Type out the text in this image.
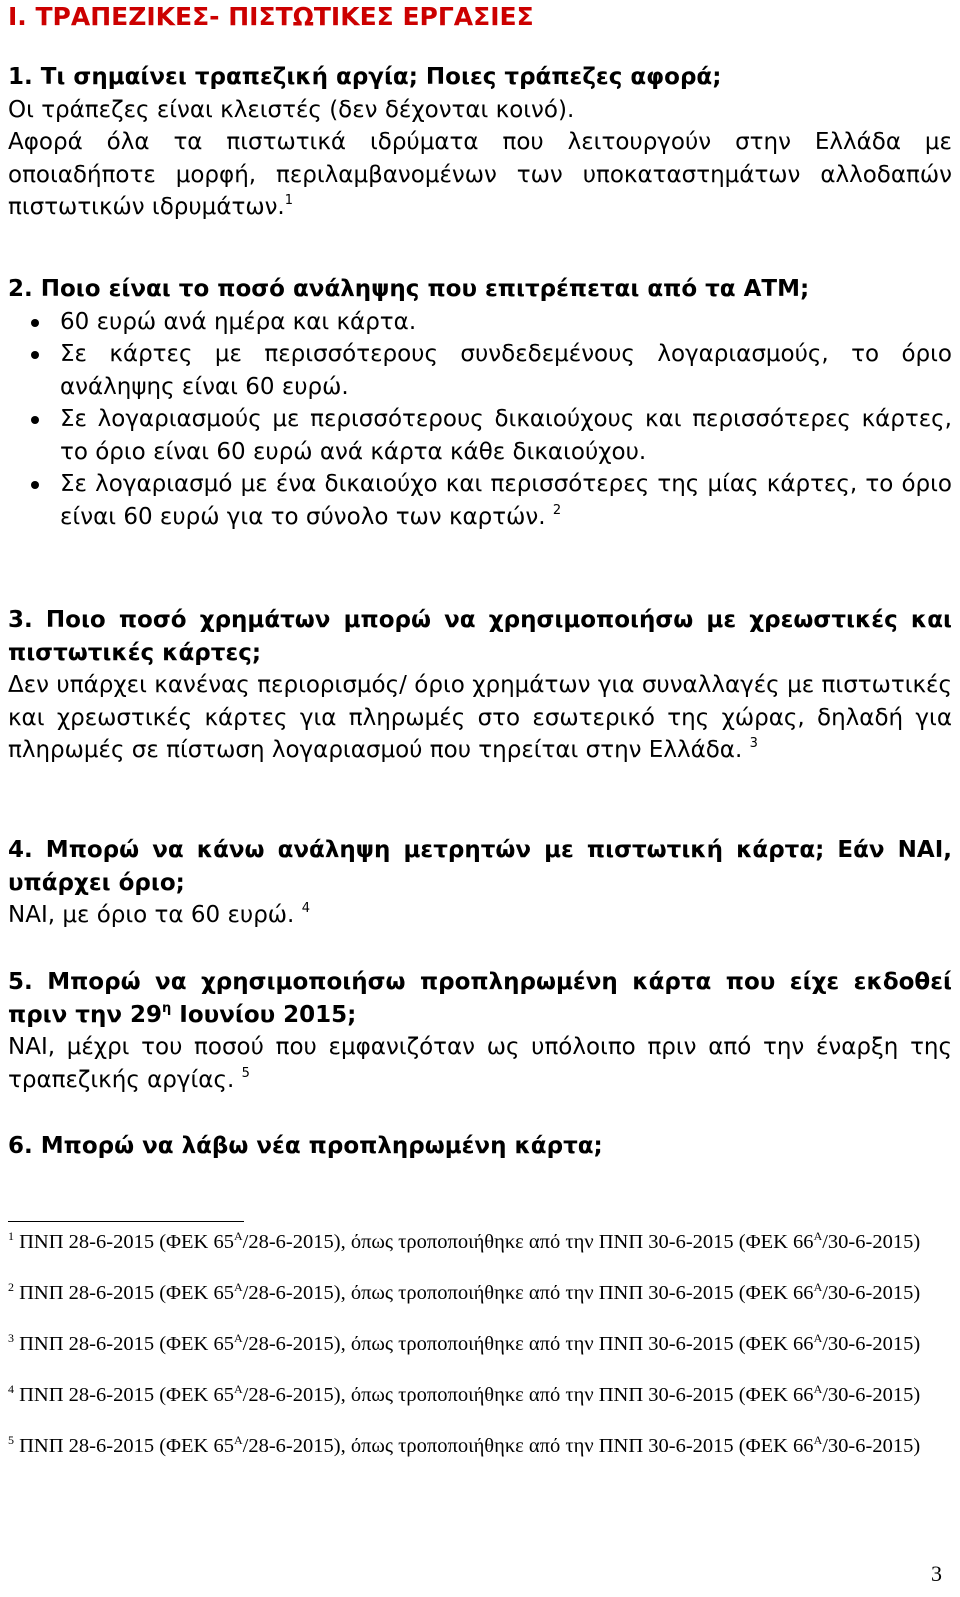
I. ΤΡΑΠΕΖΙΚΕΣ- ΠΙΣΤΩΤΙΚΕΣ ΕΡΓΑΣΙΕΣ
1. Τι σημαίνει τραπεζική αργία; Ποιες τράπεζες αφορά;
Οι τράπεζες είναι κλειστές (δεν δέχονται κοινό).
Αφορά όλα τα πιστωτικά ιδρύματα που λειτουργούν στην Ελλάδα με οποιαδήποτε μορφή, περιλαμβανομένων των υποκαταστημάτων αλλοδαπών πιστωτικών ιδρυμάτων.$^1$
2. Ποιο είναι το ποσό ανάληψης που επιτρέπεται από τα ΑΤΜ;
60 ευρώ ανά ημέρα και κάρτα.
Σε κάρτες με περισσότερους συνδεδεμένους λογαριασμούς, το όριο ανάληψης είναι 60 ευρώ.
Σε λογαριασμούς με περισσότερους δικαιούχους και περισσότερες κάρτες, το όριο είναι 60 ευρώ ανά κάρτα κάθε δικαιούχου.
Σε λογαριασμό με ένα δικαιούχο και περισσότερες της μίας κάρτες, το όριο είναι 60 ευρώ για το σύνολο των καρτών. $^2$
3. Ποιο ποσό χρημάτων μπορώ να χρησιμοποιήσω με χρεωστικές και πιστωτικές κάρτες;
Δεν υπάρχει κανένας περιορισμός/ όριο χρημάτων για συναλλαγές με πιστωτικές και χρεωστικές κάρτες για πληρωμές στο εσωτερικό της χώρας, δηλαδή για πληρωμές σε πίστωση λογαριασμού που τηρείται στην Ελλάδα. $^3$
4. Μπορώ να κάνω ανάληψη μετρητών με πιστωτική κάρτα; Εάν ΝΑΙ, υπάρχει όριο;
ΝΑΙ, με όριο τα 60 ευρώ. $^4$
5. Μπορώ να χρησιμοποιήσω προπληρωμένη κάρτα που είχε εκδοθεί πριν την $29^\eta$ Ιουνίου 2015;
ΝΑΙ, μέχρι του ποσού που εμφανιζόταν ως υπόλοιπο πριν από την έναρξη της τραπεζικής αργίας. $^5$
6. Μπορώ να λάβω νέα προπληρωμένη κάρτα;
$^1$ ΠΝΠ 28-6-2015 (ΦΕΚ $65^A/28-6-2015$), όπως τροποποιήθηκε από την ΠΝΠ 30-6-2015 (ΦΕΚ $66^A/30-6-2015$)
$^2$ ΠΝΠ 28-6-2015 (ΦΕΚ $65^A/28-6-2015$), όπως τροποποιήθηκε από την ΠΝΠ 30-6-2015 (ΦΕΚ $66^A/30-6-2015$)
$^3$ ΠΝΠ 28-6-2015 (ΦΕΚ $65^A/28-6-2015$), όπως τροποποιήθηκε από την ΠΝΠ 30-6-2015 (ΦΕΚ $66^A/30-6-2015$)
$^4$ ΠΝΠ 28-6-2015 (ΦΕΚ $65^A/28-6-2015$), όπως τροποποιήθηκε από την ΠΝΠ 30-6-2015 (ΦΕΚ $66^A/30-6-2015$)
$^5$ ΠΝΠ 28-6-2015 (ΦΕΚ $65^A/28-6-2015$), όπως τροποποιήθηκε από την ΠΝΠ 30-6-2015 (ΦΕΚ $66^A/30-6-2015$)
3
